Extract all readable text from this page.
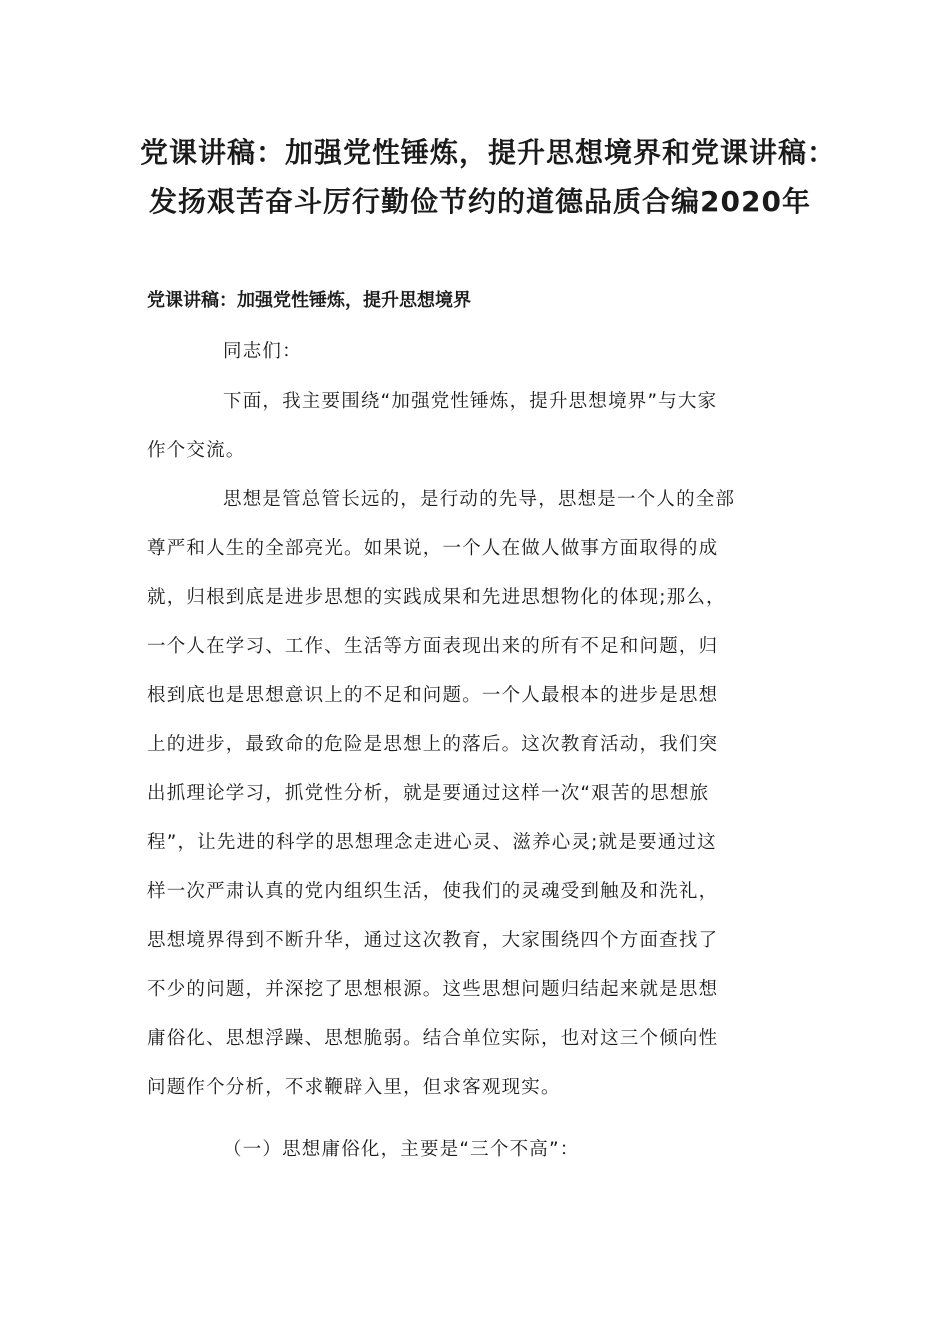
党课讲稿：加强党性锤炼，提升思想境界和党课讲稿：
发扬艰苦奋斗厉行勤俭节约的道德品质合编2020年
党课讲稿：加强党性锤炼，提升思想境界
同志们：
下面，我主要围绕“加强党性锤炼，提升思想境界”与大家
作个交流。
思想是管总管长远的，是行动的先导，思想是一个人的全部
尊严和人生的全部亮光。如果说，一个人在做人做事方面取得的成
就，归根到底是进步思想的实践成果和先进思想物化的体现;那么，
一个人在学习、工作、生活等方面表现出来的所有不足和问题，归
根到底也是思想意识上的不足和问题。一个人最根本的进步是思想
上的进步，最致命的危险是思想上的落后。这次教育活动，我们突
出抓理论学习，抓党性分析，就是要通过这样一次“艰苦的思想旅
程”，让先进的科学的思想理念走进心灵、滋养心灵;就是要通过这
样一次严肃认真的党内组织生活，使我们的灵魂受到触及和洗礼，
思想境界得到不断升华，通过这次教育，大家围绕四个方面查找了
不少的问题，并深挖了思想根源。这些思想问题归结起来就是思想
庸俗化、思想浮躁、思想脆弱。结合单位实际，也对这三个倾向性
问题作个分析，不求鞭辟入里，但求客观现实。
（一）思想庸俗化，主要是“三个不高”：
